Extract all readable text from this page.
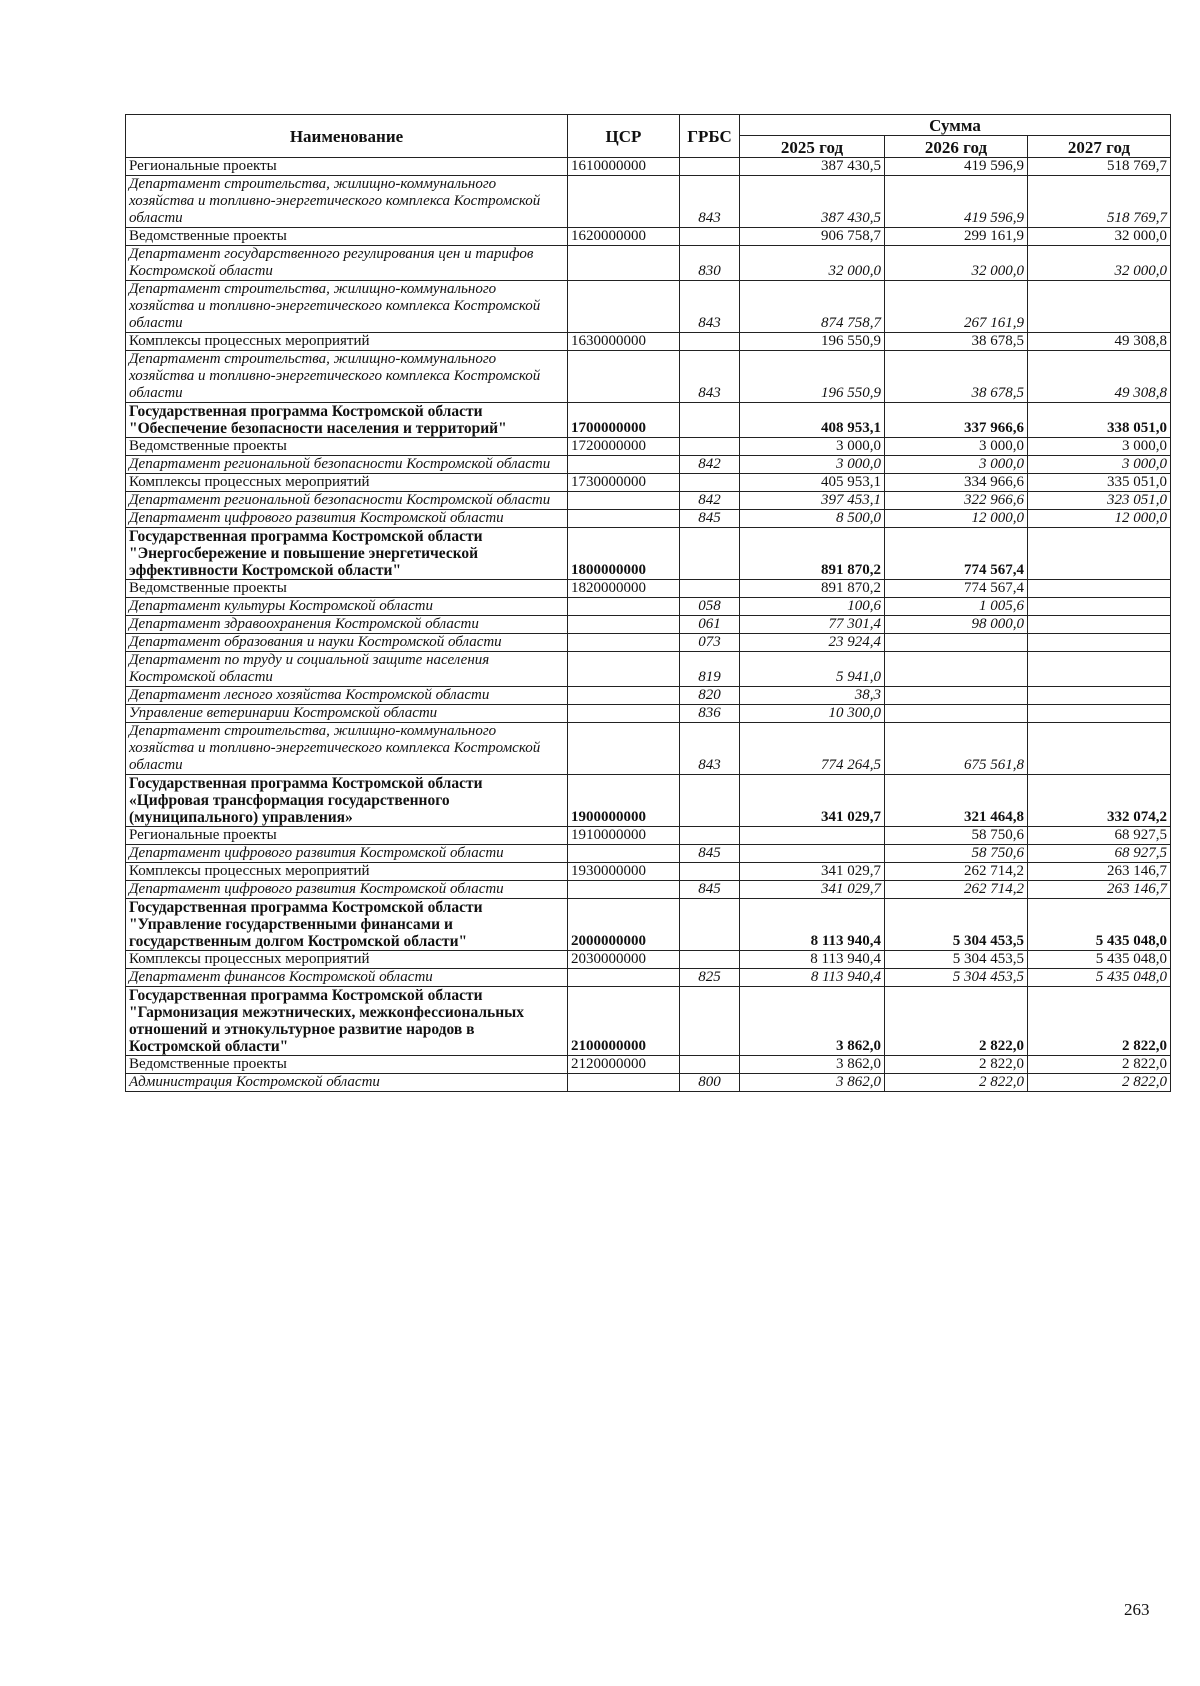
Наименование	ЦСР	ГРБС	Сумма		
			2025 год	2026 год	2027 год
Региональные проекты	1610000000		387 430,5	419 596,9	518 769,7
Департамент строительства, жилищно-коммунального хозяйства и топливно-энергетического комплекса Костромской области		843	387 430,5	419 596,9	518 769,7
Ведомственные проекты	1620000000		906 758,7	299 161,9	32 000,0
Департамент государственного регулирования цен и тарифов Костромской области		830	32 000,0	32 000,0	32 000,0
Департамент строительства, жилищно-коммунального хозяйства и топливно-энергетического комплекса Костромской области		843	874 758,7	267 161,9	
Комплексы процессных мероприятий	1630000000		196 550,9	38 678,5	49 308,8
Департамент строительства, жилищно-коммунального хозяйства и топливно-энергетического комплекса Костромской области		843	196 550,9	38 678,5	49 308,8
Государственная программа Костромской области "Обеспечение безопасности населения и территорий"	1700000000		408 953,1	337 966,6	338 051,0
Ведомственные проекты	1720000000		3 000,0	3 000,0	3 000,0
Департамент региональной безопасности Костромской области		842	3 000,0	3 000,0	3 000,0
Комплексы процессных мероприятий	1730000000		405 953,1	334 966,6	335 051,0
Департамент региональной безопасности Костромской области		842	397 453,1	322 966,6	323 051,0
Департамент цифрового развития Костромской области		845	8 500,0	12 000,0	12 000,0
Государственная программа Костромской области "Энергосбережение и повышение энергетической эффективности Костромской области"	1800000000		891 870,2	774 567,4	
Ведомственные проекты	1820000000		891 870,2	774 567,4	
Департамент культуры Костромской области		058	100,6	1 005,6	
Департамент здравоохранения Костромской области		061	77 301,4	98 000,0	
Департамент образования и науки Костромской области		073	23 924,4		
Департамент по труду и социальной защите населения Костромской области		819	5 941,0		
Департамент лесного хозяйства Костромской области		820	38,3		
Управление ветеринарии Костромской области		836	10 300,0		
Департамент строительства, жилищно-коммунального хозяйства и топливно-энергетического комплекса Костромской области		843	774 264,5	675 561,8	
Государственная программа Костромской области «Цифровая трансформация государственного (муниципального) управления»	1900000000		341 029,7	321 464,8	332 074,2
Региональные проекты	1910000000			58 750,6	68 927,5
Департамент цифрового развития Костромской области		845		58 750,6	68 927,5
Комплексы процессных мероприятий	1930000000		341 029,7	262 714,2	263 146,7
Департамент цифрового развития Костромской области		845	341 029,7	262 714,2	263 146,7
Государственная программа Костромской области "Управление государственными финансами и государственным долгом Костромской области"	2000000000		8 113 940,4	5 304 453,5	5 435 048,0
Комплексы процессных мероприятий	2030000000		8 113 940,4	5 304 453,5	5 435 048,0
Департамент финансов Костромской области		825	8 113 940,4	5 304 453,5	5 435 048,0
Государственная программа Костромской области "Гармонизация межэтнических, межконфессиональных отношений и этнокультурное развитие народов в Костромской области"	2100000000		3 862,0	2 822,0	2 822,0
Ведомственные проекты	2120000000		3 862,0	2 822,0	2 822,0
Администрация Костромской области		800	3 862,0	2 822,0	2 822,0
263
